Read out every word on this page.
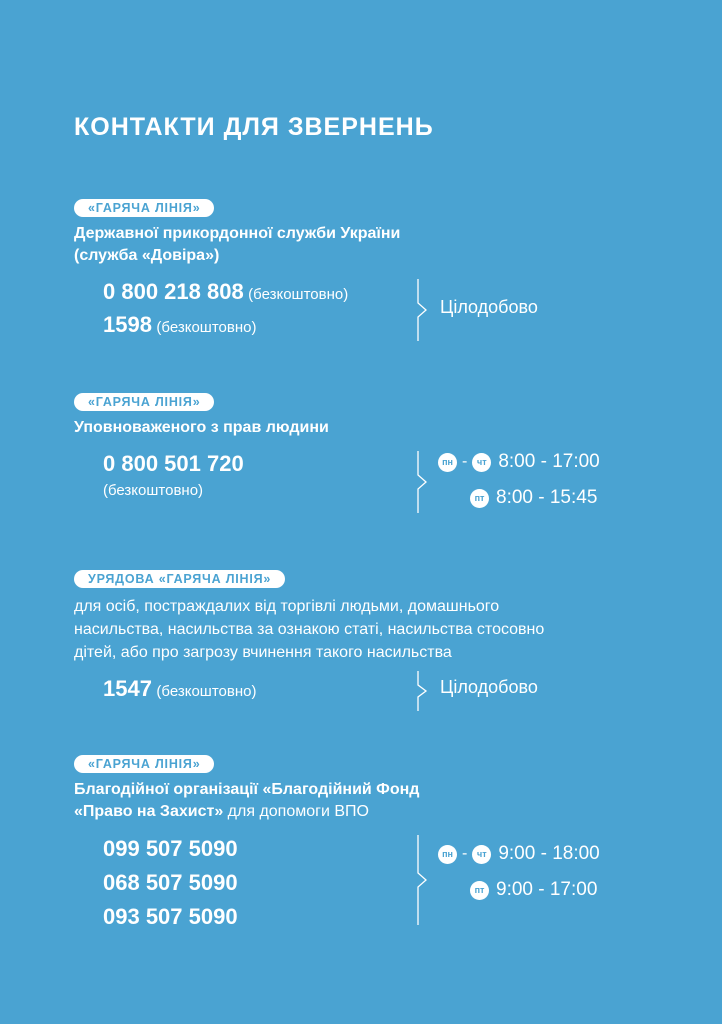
КОНТАКТИ ДЛЯ ЗВЕРНЕНЬ
«ГАРЯЧА ЛІНІЯ»
Державної прикордонної служби України
(служба «Довіра»)
0 800 218 808 (безкоштовно)
1598 (безкоштовно)
Цілодобово
«ГАРЯЧА ЛІНІЯ»
Уповноваженого з прав людини
0 800 501 720
(безкоштовно)
пн -	чт 8:00 - 17:00
пт 8:00 - 15:45
УРЯДОВА «ГАРЯЧА ЛІНІЯ»
для осіб, постраждалих від торгівлі людьми, домашнього
насильства, насильства за ознакою статі, насильства стосовно
дітей, або про загрозу вчинення такого насильства
1547 (безкоштовно)	Цілодобово
«ГАРЯЧА ЛІНІЯ»
Благодійної організації «Благодійний Фонд
«Право на Захист» для допомоги ВПО
099 507 5090
068 507 5090
093 507 5090
пн -	чт 9:00 - 18:00
пт 9:00 - 17:00
